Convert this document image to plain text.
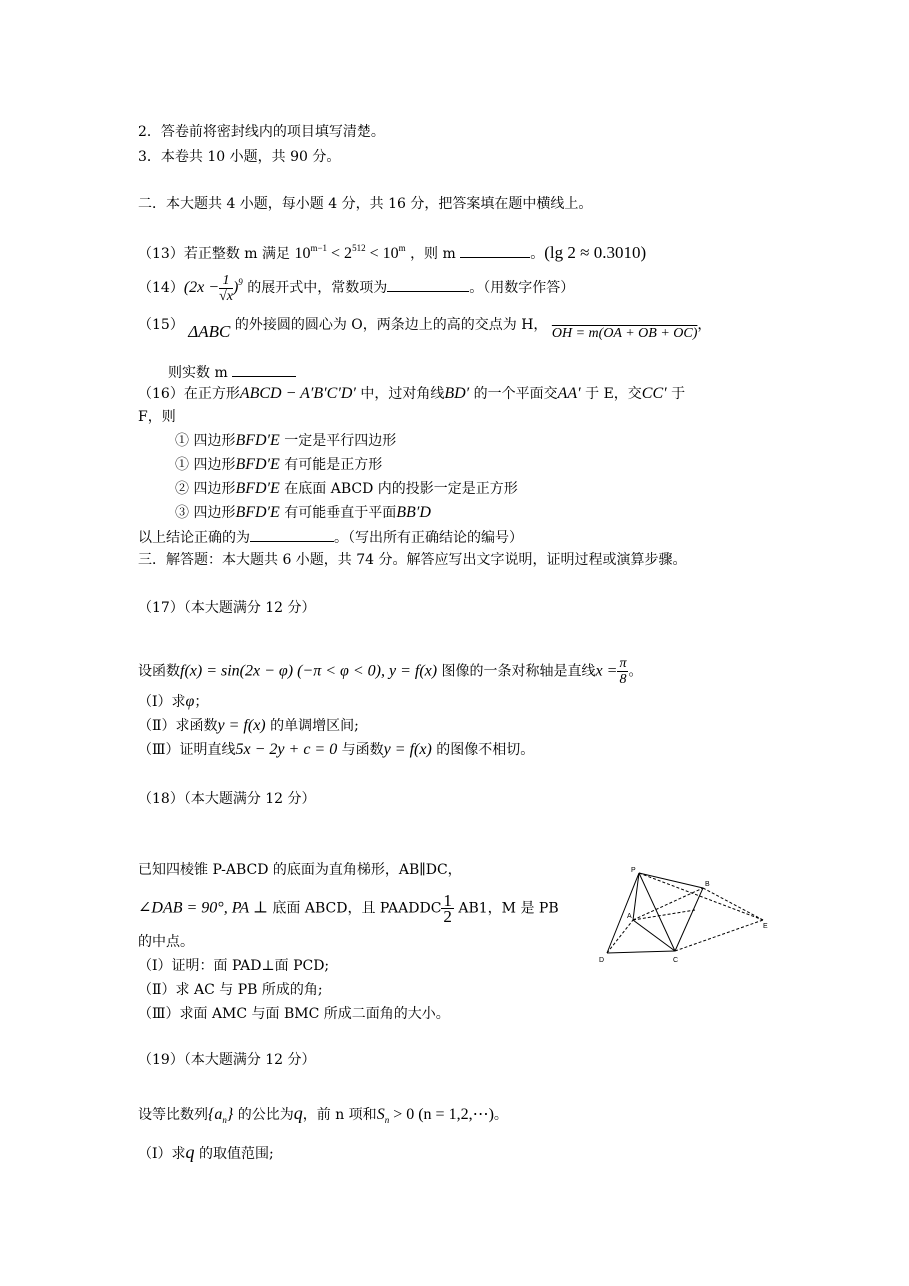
2．答卷前将密封线内的项目填写清楚。
3．本卷共 10 小题，共 90 分。
二．本大题共 4 小题，每小题 4 分，共 16 分，把答案填在题中横线上。
（13）若正整数 m 满足 $10^{m-1} < 2^{512} < 10^m$ ，则 m	。(lg 2 ≈ 0.3010)
$(14)(2x - \frac{1}{√x} )^9$ 的展开式中，常数项为	。（用数字作答）
（15） ΔABC 的外接圆的圆心为 O，两条边上的高的交点为 H， OH = m(OA + OB + OC)，
则实数 m
（16）在正方形ABCD − A′B′C′D′ 中，过对角线BD′ 的一个平面交AA′ 于 E，交CC′ 于
F，则
① 四边形BFD′E 一定是平行四边形
① 四边形BFD′E 有可能是正方形
② 四边形BFD′E 在底面 ABCD 内的投影一定是正方形
③ 四边形BFD′E 有可能垂直于平面BB′D
以上结论正确的为	。（写出所有正确结论的编号）
三．解答题：本大题共 6 小题，共 74 分。解答应写出文字说明，证明过程或演算步骤。
（17）（本大题满分 12 分）
设函数f(x) = sin(2x − φ) (−π < φ < 0), y = f(x) 图像的一条对称轴是直线$x = \frac{\pi}{8}$ 。
（Ⅰ）求φ；
（Ⅱ）求函数y = f(x) 的单调增区间;
（Ⅲ）证明直线5x − 2y + c = 0 与函数y = f(x) 的图像不相切。
（18）（本大题满分 12 分）
已知四棱锥 P-ABCD 的底面为直角梯形，AB∥DC，
∠DAB = 90°, PA ⊥ 底面 ABCD，且 PAADDC $\frac{1}{2} AB1$，M 是 PB
的中点。
（Ⅰ）证明：面 PAD⊥面 PCD;
（Ⅱ）求 AC 与 PB 所成的角;
（Ⅲ）求面 AMC 与面 BMC 所成二面角的大小。
P
B
A
E
D	C
（19）（本大题满分 12 分）
设等比数列$\{a_n\}$ 的公比为q，前 n 项和$S_n > 0$ (n = 1,2,⋯)。
（Ⅰ）求q 的取值范围;
